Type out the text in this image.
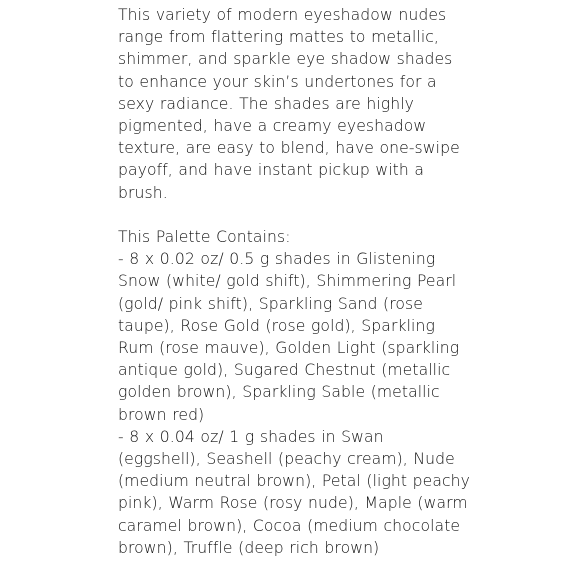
This variety of modern eyeshadow nudes range from flattering mattes to metallic, shimmer, and sparkle eye shadow shades to enhance your skin’s undertones for a sexy radiance. The shades are highly pigmented, have a creamy eyeshadow texture, are easy to blend, have one-swipe payoff, and have instant pickup with a brush.

This Palette Contains:

- 8 x 0.02 oz/ 0.5 g shades in Glistening Snow (white/ gold shift), Shimmering Pearl (gold/ pink shift), Sparkling Sand (rose taupe), Rose Gold (rose gold), Sparkling Rum (rose mauve), Golden Light (sparkling antique gold), Sugared Chestnut (metallic golden brown), Sparkling Sable (metallic brown red)

- 8 x 0.04 oz/ 1 g shades in Swan (eggshell), Seashell (peachy cream), Nude (medium neutral brown), Petal (light peachy pink), Warm Rose (rosy nude), Maple (warm caramel brown), Cocoa (medium chocolate brown), Truffle (deep rich brown)
